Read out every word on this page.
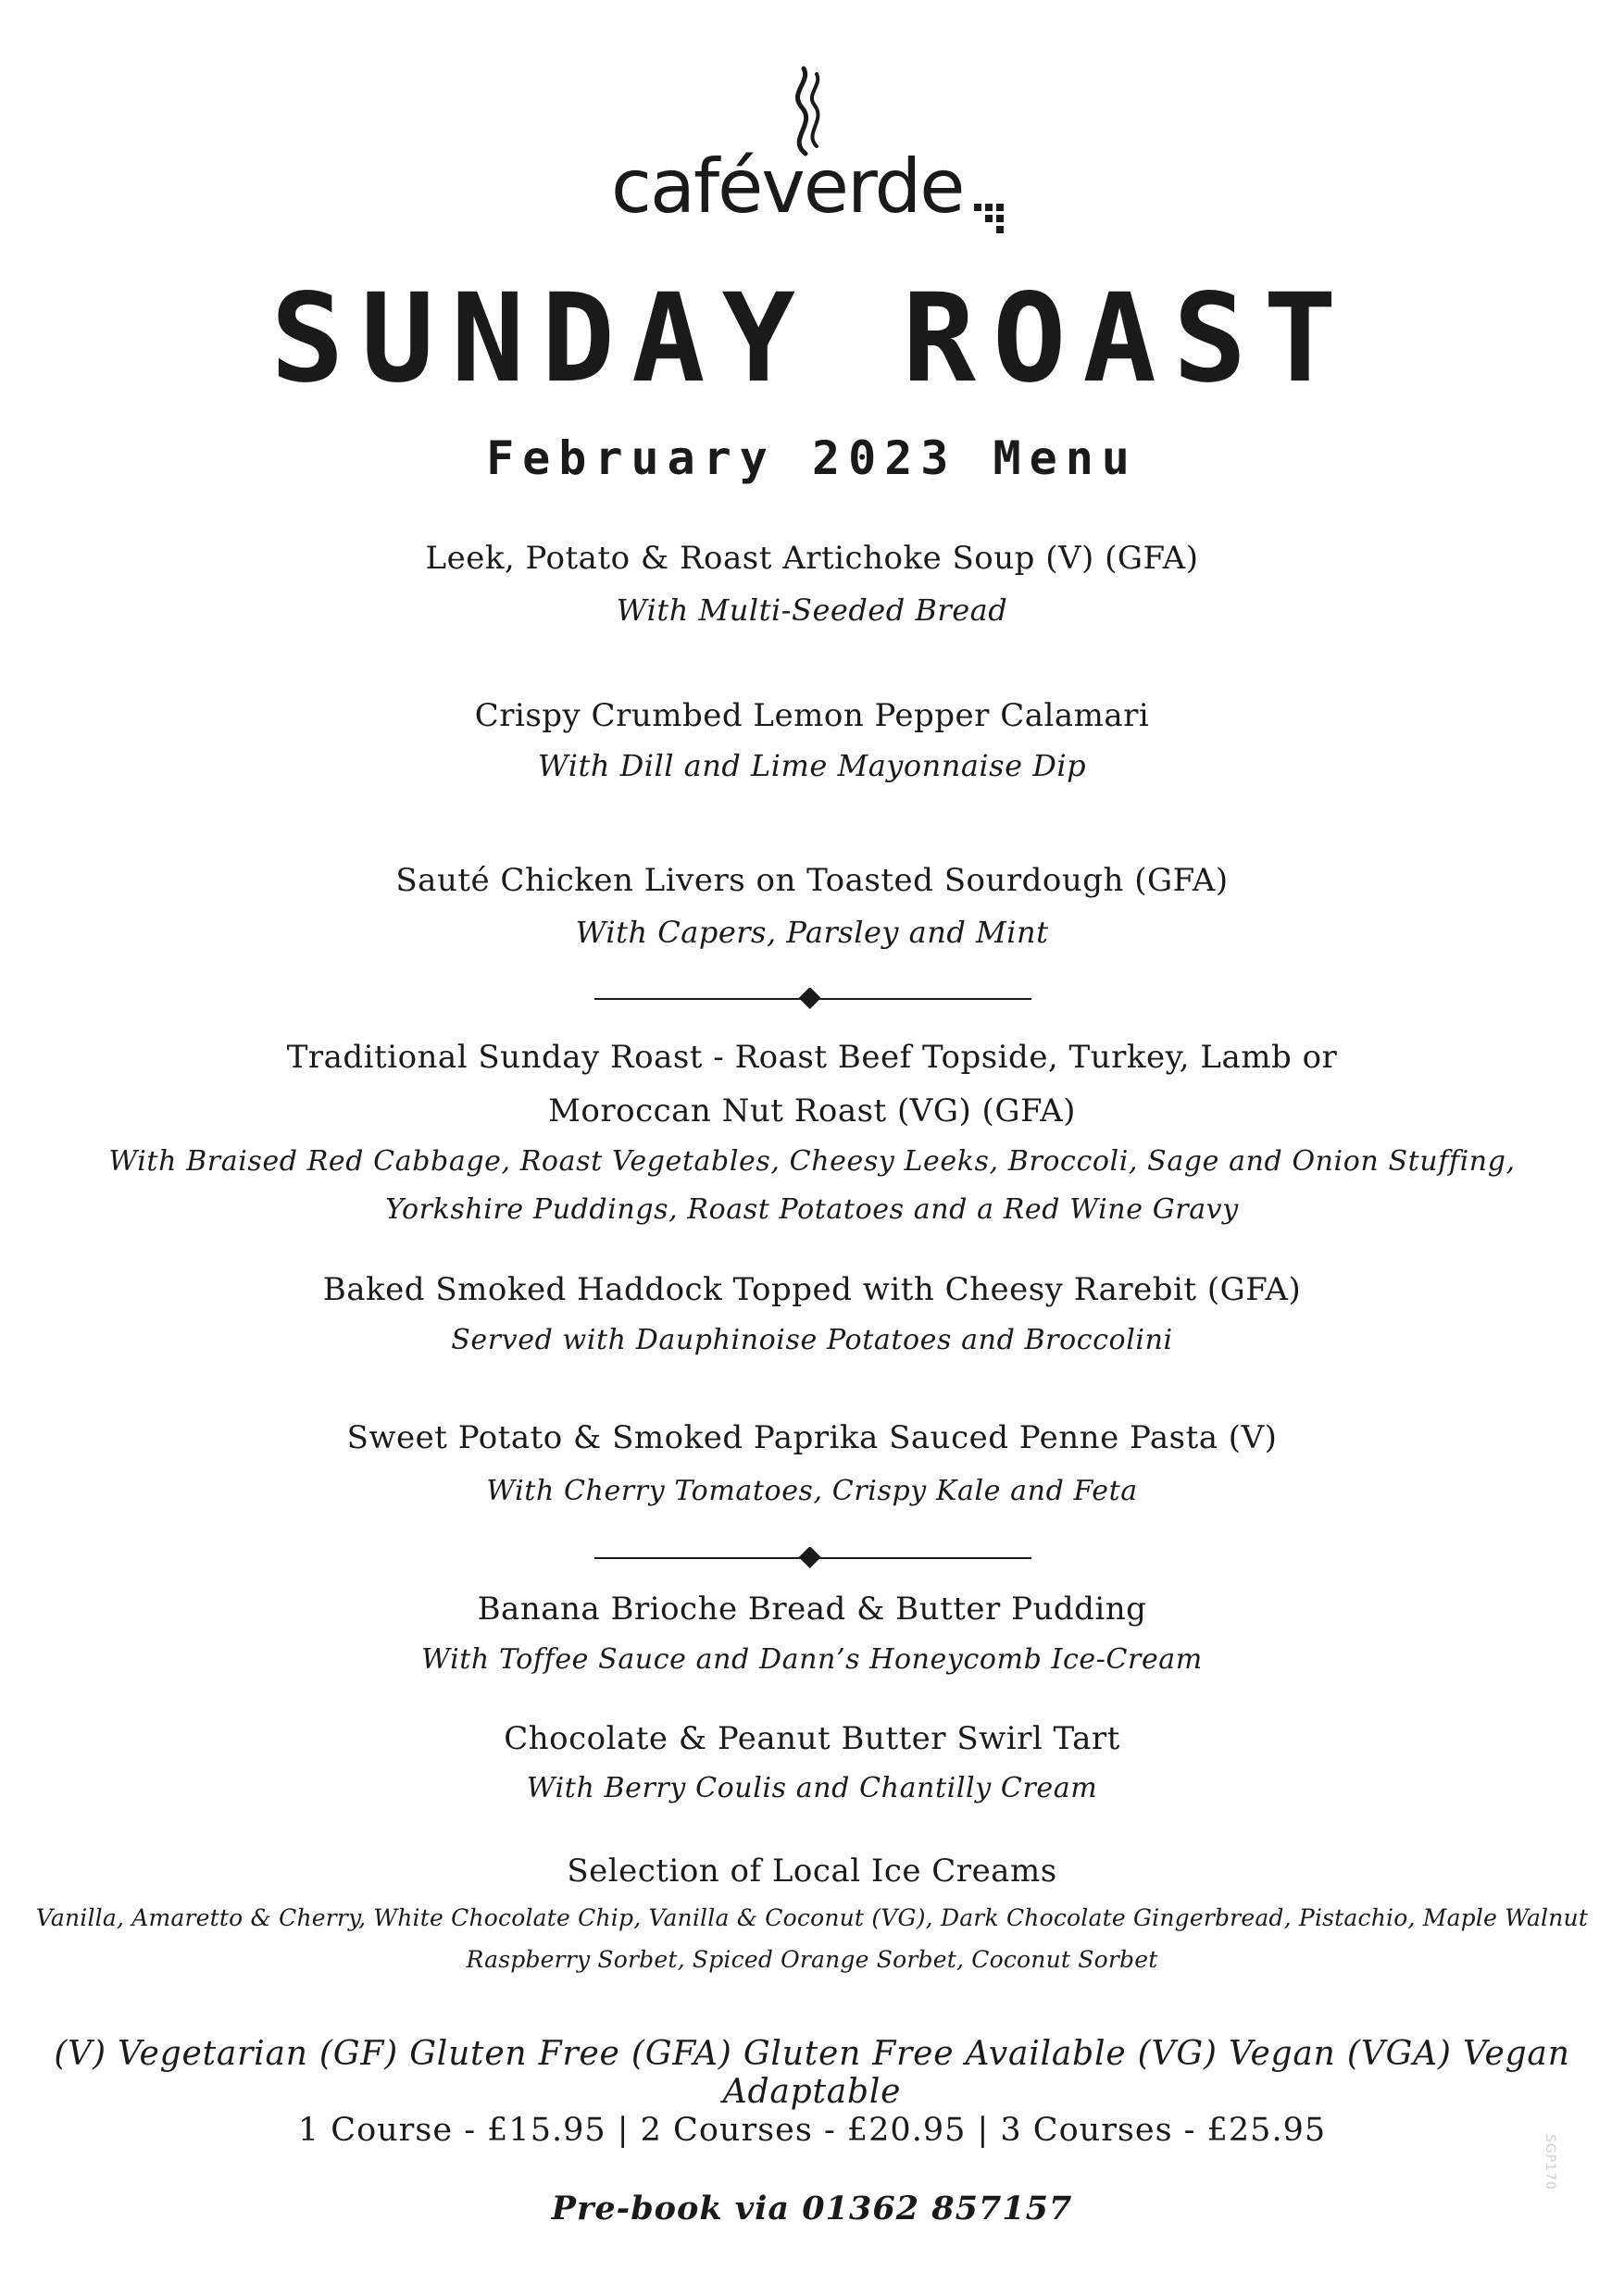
caféverde
SUNDAY ROAST
February 2023 Menu
Leek, Potato & Roast Artichoke Soup (V) (GFA)
With Multi-Seeded Bread
Crispy Crumbed Lemon Pepper Calamari
With Dill and Lime Mayonnaise Dip
Sauté Chicken Livers on Toasted Sourdough (GFA)
With Capers, Parsley and Mint
Traditional Sunday Roast - Roast Beef Topside, Turkey, Lamb or
Moroccan Nut Roast (VG) (GFA)
With Braised Red Cabbage, Roast Vegetables, Cheesy Leeks, Broccoli, Sage and Onion Stuffing,
Yorkshire Puddings, Roast Potatoes and a Red Wine Gravy
Baked Smoked Haddock Topped with Cheesy Rarebit (GFA)
Served with Dauphinoise Potatoes and Broccolini
Sweet Potato & Smoked Paprika Sauced Penne Pasta (V)
With Cherry Tomatoes, Crispy Kale and Feta
Banana Brioche Bread & Butter Pudding
With Toffee Sauce and Dann’s Honeycomb Ice-Cream
Chocolate & Peanut Butter Swirl Tart
With Berry Coulis and Chantilly Cream
Selection of Local Ice Creams
Vanilla, Amaretto & Cherry, White Chocolate Chip, Vanilla & Coconut (VG), Dark Chocolate Gingerbread, Pistachio, Maple Walnut
Raspberry Sorbet, Spiced Orange Sorbet, Coconut Sorbet
(V) Vegetarian (GF) Gluten Free (GFA) Gluten Free Available (VG) Vegan (VGA) Vegan Adaptable
1 Course - £15.95 | 2 Courses - £20.95 | 3 Courses - £25.95
Pre-book via 01362 857157
SGP170
